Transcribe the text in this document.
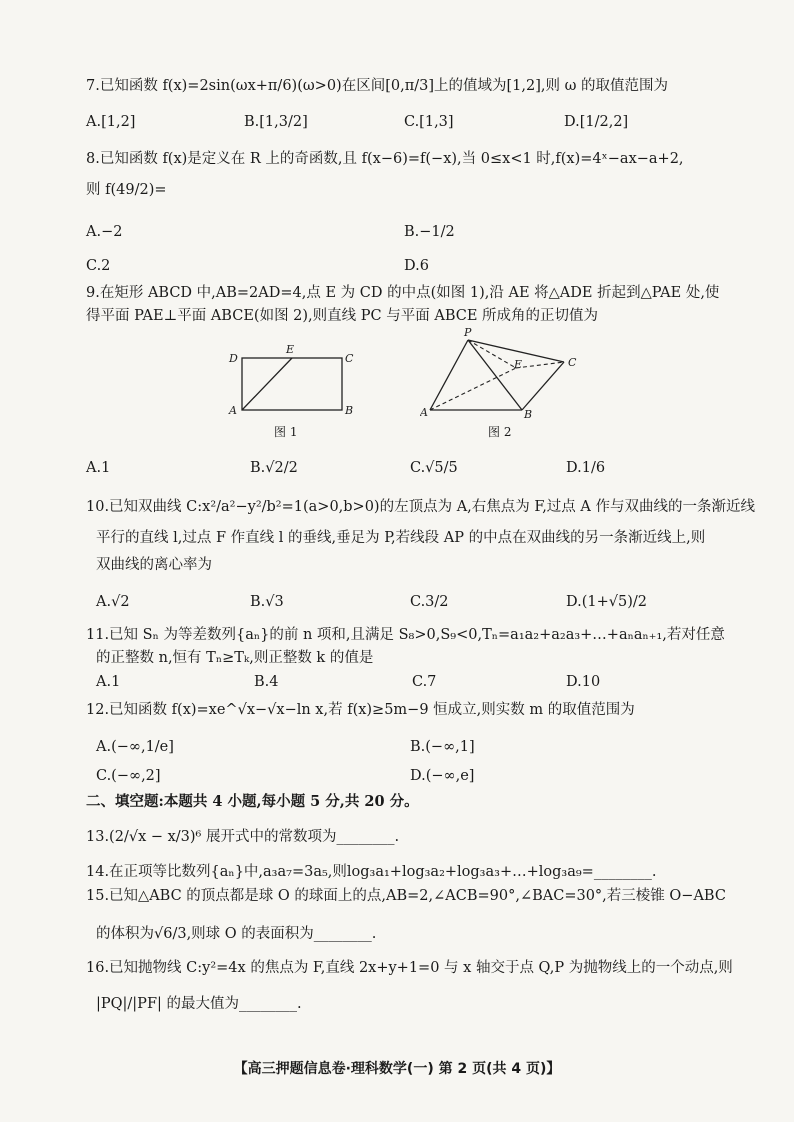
7.已知函数 f(x)=2sin(ωx+π/6)(ω>0)在区间[0,π/3]上的值域为[1,2],则 ω 的取值范围为
A.[1,2]	B.[1,3/2]	C.[1,3]	D.[1/2,2]
8.已知函数 f(x)是定义在 R 上的奇函数,且 f(x−6)=f(−x),当 0≤x<1 时,f(x)=4ˣ−ax−a+2,
则 f(49/2)=
A.−2	B.−1/2
C.2	D.6
9.在矩形 ABCD 中,AB=2AD=4,点 E 为 CD 的中点(如图 1),沿 AE 将△ADE 折起到△PAE 处,使
得平面 PAE⊥平面 ABCE(如图 2),则直线 PC 与平面 ABCE 所成角的正切值为
D
E
C
A	B
图 1
P
E	C
A	B
图 2
A.1	B.√2/2	C.√5/5	D.1/6
10.已知双曲线 C:x²/a²−y²/b²=1(a>0,b>0)的左顶点为 A,右焦点为 F,过点 A 作与双曲线的一条渐近线
平行的直线 l,过点 F 作直线 l 的垂线,垂足为 P,若线段 AP 的中点在双曲线的另一条渐近线上,则
双曲线的离心率为
A.√2	B.√3	C.3/2	D.(1+√5)/2
11.已知 Sₙ 为等差数列{aₙ}的前 n 项和,且满足 S₈>0,S₉<0,Tₙ=a₁a₂+a₂a₃+…+aₙaₙ₊₁,若对任意
的正整数 n,恒有 Tₙ≥Tₖ,则正整数 k 的值是
A.1	B.4	C.7	D.10
12.已知函数 f(x)=xe^√x−√x−ln x,若 f(x)≥5m−9 恒成立,则实数 m 的取值范围为
A.(−∞,1/e]	B.(−∞,1]
C.(−∞,2]	D.(−∞,e]
二、填空题:本题共 4 小题,每小题 5 分,共 20 分。
13.(2/√x − x/3)⁶ 展开式中的常数项为________.
14.在正项等比数列{aₙ}中,a₃a₇=3a₅,则log₃a₁+log₃a₂+log₃a₃+…+log₃a₉=________.
15.已知△ABC 的顶点都是球 O 的球面上的点,AB=2,∠ACB=90°,∠BAC=30°,若三棱锥 O−ABC
的体积为√6/3,则球 O 的表面积为________.
16.已知抛物线 C:y²=4x 的焦点为 F,直线 2x+y+1=0 与 x 轴交于点 Q,P 为抛物线上的一个动点,则
|PQ|/|PF| 的最大值为________.
【高三押题信息卷·理科数学(一) 第 2 页(共 4 页)】
